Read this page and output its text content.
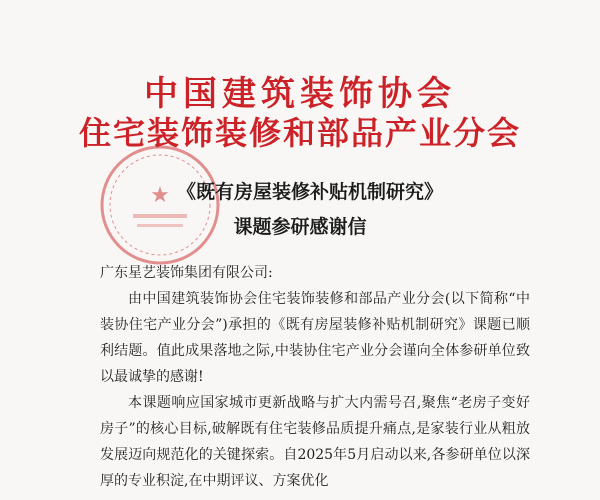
★
中国建筑装饰协会
住宅装饰装修和部品产业分会
《既有房屋装修补贴机制研究》
课题参研感谢信

广东星艺装饰集团有限公司:

由中国建筑装饰协会住宅装饰装修和部品产业分会(以下简称“中装协住宅产业分会”)承担的《既有房屋装修补贴机制研究》课题已顺利结题。值此成果落地之际,中装协住宅产业分会谨向全体参研单位致以最诚挚的感谢!

本课题响应国家城市更新战略与扩大内需号召,聚焦“老房子变好房子”的核心目标,破解既有住宅装修品质提升痛点,是家装行业从粗放发展迈向规范化的关键探索。自2025年5月启动以来,各参研单位以深厚的专业积淀,在中期评议、方案优化
